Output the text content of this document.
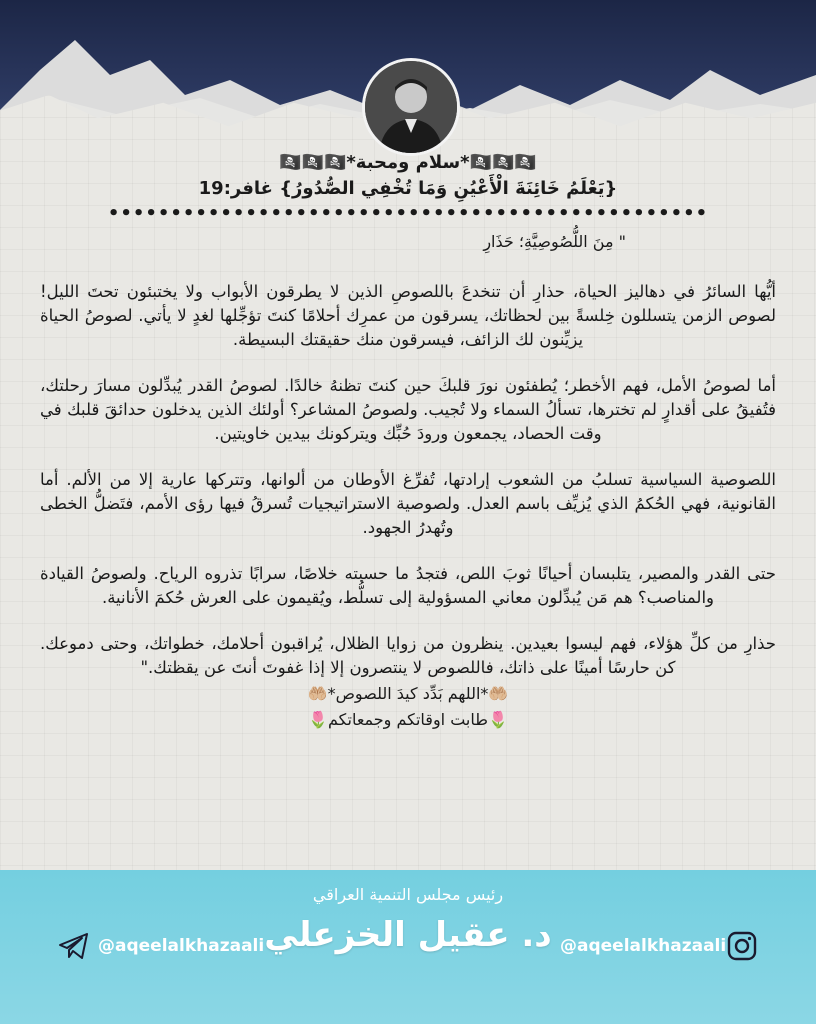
🏴‍☠️🏴‍☠️🏴‍☠️*سلام ومحبة*🏴‍☠️🏴‍☠️🏴‍☠️

{يَعْلَمُ خَائِنَةَ الْأَعْيُنِ وَمَا تُخْفِي الصُّدُورُ} غافر:19

••••••••••••••••••••••••••••••••••••••••••••••••

" مِنَ اللُّصُوصِيَّةِ؛ حَذَارِ

أيُّها السائرُ في دهاليز الحياة، حذارِ أن تنخدعَ باللصوصِ الذين لا يطرقون الأبواب ولا يختبئون تحتَ الليل! لصوص الزمن يتسللون خِلسةً بين لحظاتك، يسرقون من عمرِك أحلامًا كنتَ تؤجِّلها لغدٍ لا يأتي. لصوصُ الحياة يزيِّنون لك الزائف، فيسرقون منك حقيقتك البسيطة.

أما لصوصُ الأمل، فهم الأخطر؛ يُطفئون نورَ قلبكَ حين كنتَ تظنهُ خالدًا. لصوصُ القدر يُبدِّلون مسارَ رحلتك، فتُفيقُ على أقدارٍ لم تخترها، تسألُ السماء ولا تُجيب. ولصوصُ المشاعر؟ أولئك الذين يدخلون حدائقَ قلبك في وقت الحصاد، يجمعون ورودَ حُبِّك ويتركونك بيدين خاويتين.

اللصوصية السياسية تسلبُ من الشعوب إرادتها، تُفرِّغ الأوطان من ألوانها، وتتركها عارية إلا من الألم. أما القانونية، فهي الحُكمُ الذي يُزيِّف باسم العدل. ولصوصية الاستراتيجيات تُسرقُ فيها رؤى الأمم، فتَضلُّ الخطى وتُهدرُ الجهود.

حتى القدر والمصير، يتلبسان أحيانًا ثوبَ اللص، فتجدُ ما حسبته خلاصًا، سرابًا تذروه الرياح. ولصوصُ القيادة والمناصب؟ هم مَن يُبدِّلون معاني المسؤولية إلى تسلُّط، ويُقيمون على العرش حُكمَ الأنانية.

حذارِ من كلِّ هؤلاء، فهم ليسوا بعيدين. ينظرون من زوايا الظلال، يُراقبون أحلامك، خطواتك، وحتى دموعك. كن حارسًا أمينًا على ذاتك، فاللصوص لا ينتصرون إلا إذا غفوتَ أنتَ عن يقظتك."

🤲🏼*اللهم بَدِّد كيدَ اللصوص*🤲🏼

🌷طابت اوقاتكم وجمعاتكم🌷

رئيس مجلس التنمية العراقي
د. عقيل الخزعلي
@aqeelalkhazaali	@aqeelalkhazaali
